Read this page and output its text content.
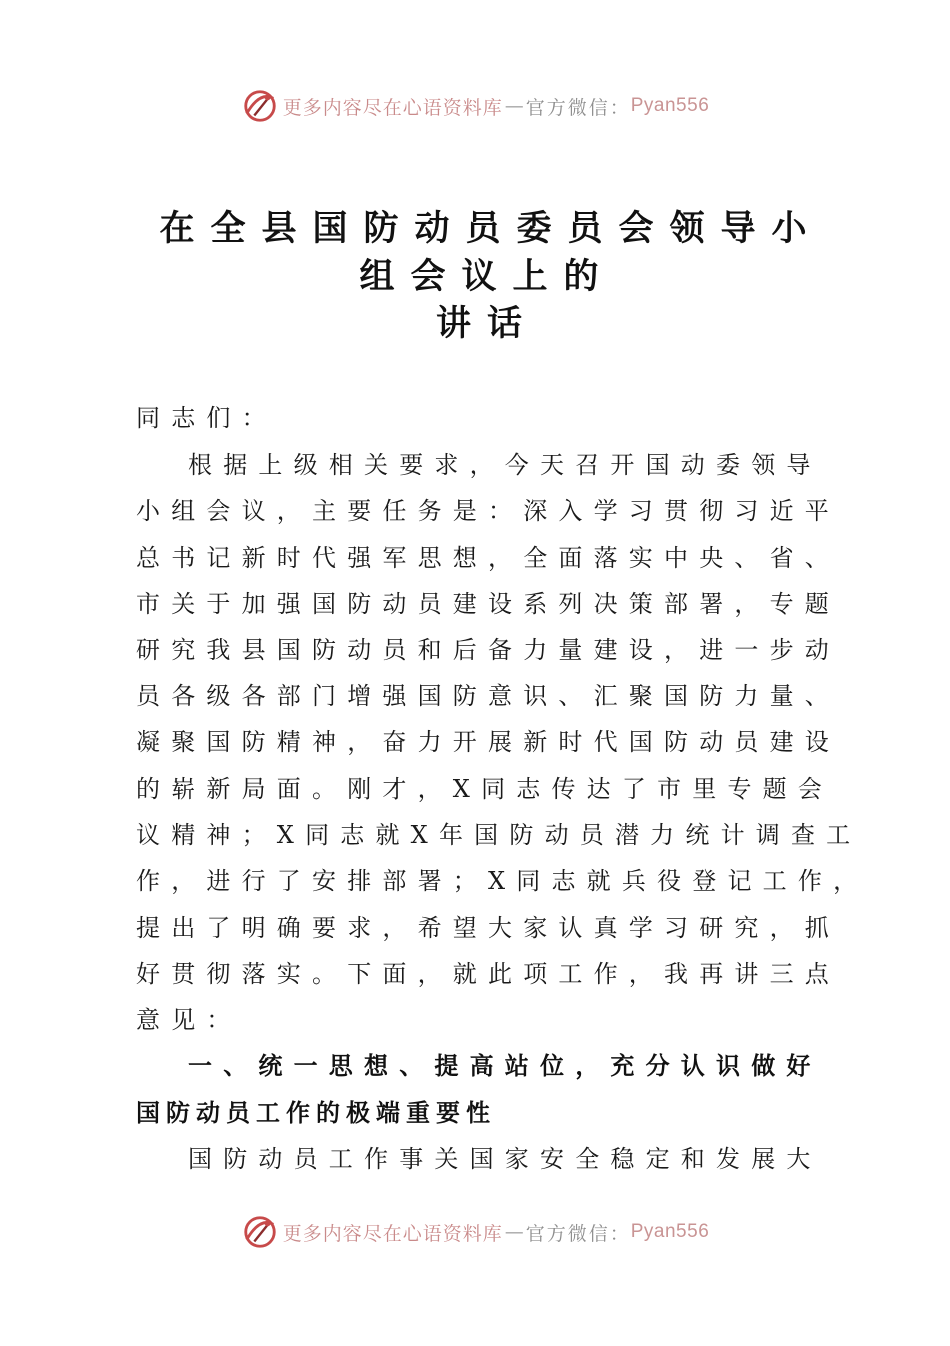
更多内容尽在心语资料库 — 官方微信： Pyan556
在全县国防动员委员会领导小
组会议上的
讲话
同志们：
根据上级相关要求，今天召开国动委领导
小组会议，主要任务是：深入学习贯彻习近平
总书记新时代强军思想，全面落实中央、省、
市关于加强国防动员建设系列决策部署，专题
研究我县国防动员和后备力量建设，进一步动
员各级各部门增强国防意识、汇聚国防力量、
凝聚国防精神，奋力开展新时代国防动员建设
的崭新局面。刚才，X同志传达了市里专题会
议精神；X同志就X年国防动员潜力统计调查工
作，进行了安排部署；X同志就兵役登记工作，
提出了明确要求，希望大家认真学习研究，抓
好贯彻落实。下面，就此项工作，我再讲三点
意见：
一、统一思想、提高站位，充分认识做好
国防动员工作的极端重要性
国防动员工作事关国家安全稳定和发展大
更多内容尽在心语资料库 — 官方微信： Pyan556
